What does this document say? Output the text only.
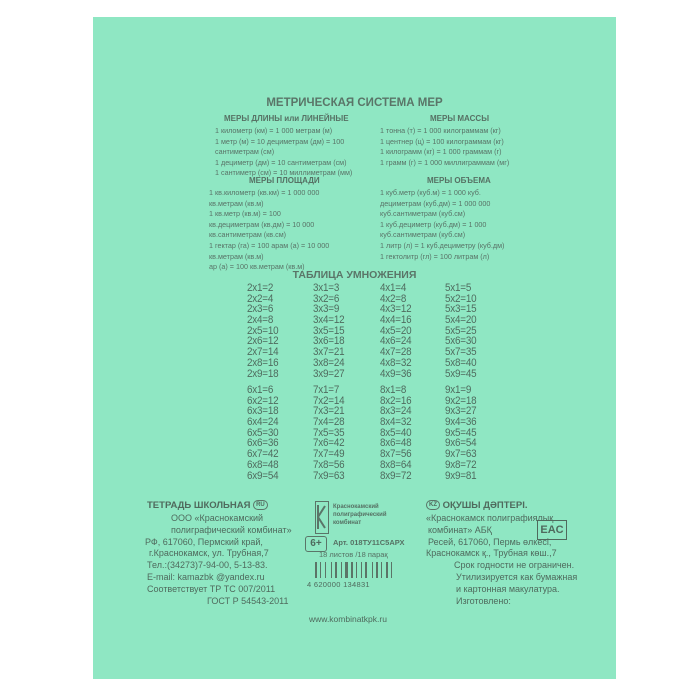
МЕТРИЧЕСКАЯ СИСТЕМА МЕР
МЕРЫ ДЛИНЫ или ЛИНЕЙНЫЕ
1 километр (км) = 1 000 метрам (м)
1 метр (м) = 10 дециметрам (дм) = 100
сантиметрам (см)
1 дециметр (дм) = 10 сантиметрам (см)
1 сантиметр (см) = 10 миллиметрам (мм)
МЕРЫ МАССЫ
1 тонна (т) = 1 000 килограммам (кг)
1 центнер (ц) = 100 килограммам (кг)
1 килограмм (кг) = 1 000 граммам (г)
1 грамм (г) = 1 000 миллиграммам (мг)
МЕРЫ ПЛОЩАДИ
1 кв.километр (кв.км) = 1 000 000
кв.метрам (кв.м)
1 кв.метр (кв.м) = 100
кв.дециметрам (кв.дм) = 10 000
кв.сантиметрам (кв.см)
1 гектар (га) = 100 арам (а) = 10 000
кв.метрам (кв.м)
ар (а) = 100 кв.метрам (кв.м)
МЕРЫ ОБЪЕМА
1 куб.метр (куб.м) = 1 000 куб.
дециметрам (куб.дм) = 1 000 000
куб.сантиметрам (куб.см)
1 куб.дециметр (куб.дм) = 1 000
куб.сантиметрам (куб.см)
1 литр (л) = 1 куб.дециметру (куб.дм)
1 гектолитр (гл) = 100 литрам (л)
ТАБЛИЦА УМНОЖЕНИЯ
2x1=2
2x2=4
2x3=6
2x4=8
2x5=10
2x6=12
2x7=14
2x8=16
2x9=18
3x1=3
3x2=6
3x3=9
3x4=12
3x5=15
3x6=18
3x7=21
3x8=24
3x9=27
4x1=4
4x2=8
4x3=12
4x4=16
4x5=20
4x6=24
4x7=28
4x8=32
4x9=36
5x1=5
5x2=10
5x3=15
5x4=20
5x5=25
5x6=30
5x7=35
5x8=40
5x9=45
6x1=6
6x2=12
6x3=18
6x4=24
6x5=30
6x6=36
6x7=42
6x8=48
6x9=54
7x1=7
7x2=14
7x3=21
7x4=28
7x5=35
7x6=42
7x7=49
7x8=56
7x9=63
8x1=8
8x2=16
8x3=24
8x4=32
8x5=40
8x6=48
8x7=56
8x8=64
8x9=72
9x1=9
9x2=18
9x3=27
9x4=36
9x5=45
9x6=54
9x7=63
9x8=72
9x9=81
ТЕТРАДЬ ШКОЛЬНАЯ RU
ООО «Краснокамский
полиграфический комбинат»
РФ, 617060, Пермский край,
г.Краснокамск, ул. Трубная,7
Тел.:(34273)7-94-00, 5-13-83.
E-mail: kamazbk @yandex.ru
Соответствует ТР ТС 007/2011
ГОСТ Р 54543-2011
Краснокамский
полиграфический
комбинат
6+	Арт. 018ТУ11С5АРХ
18 листов /18 парақ
4 620000 134831
www.kombinatkpk.ru
KZ ОҚУШЫ ДӘПТЕРІ.
«Краснокамск полиграфиялық
комбинат» АБҚ
Ресей, 617060, Пермь өлкесі,
Краснокамск қ., Трубная көш.,7
Срок годности не ограничен.
Утилизируется как бумажная
и картонная макулатура.
Изготовлено:
EAC
